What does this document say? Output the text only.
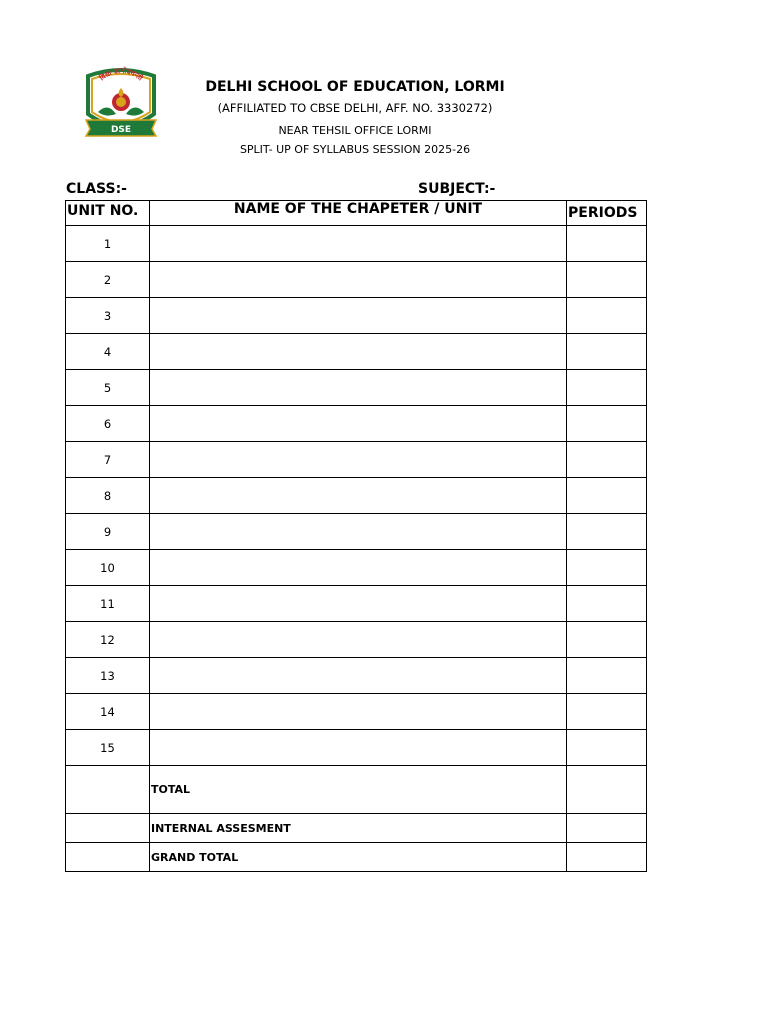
विद्या ज्ञानोदयन्ती
DSE
DELHI SCHOOL OF EDUCATION, LORMI
(AFFILIATED TO CBSE DELHI, AFF. NO. 3330272)
NEAR TEHSIL OFFICE LORMI
SPLIT- UP OF SYLLABUS SESSION 2025-26
CLASS:-	SUBJECT:-
UNIT NO.	NAME OF THE CHAPETER / UNIT	PERIODS
1		
2		
3		
4		
5		
6		
7		
8		
9		
10		
11		
12		
13		
14		
15		
	TOTAL	
	INTERNAL ASSESMENT	
	GRAND TOTAL	
